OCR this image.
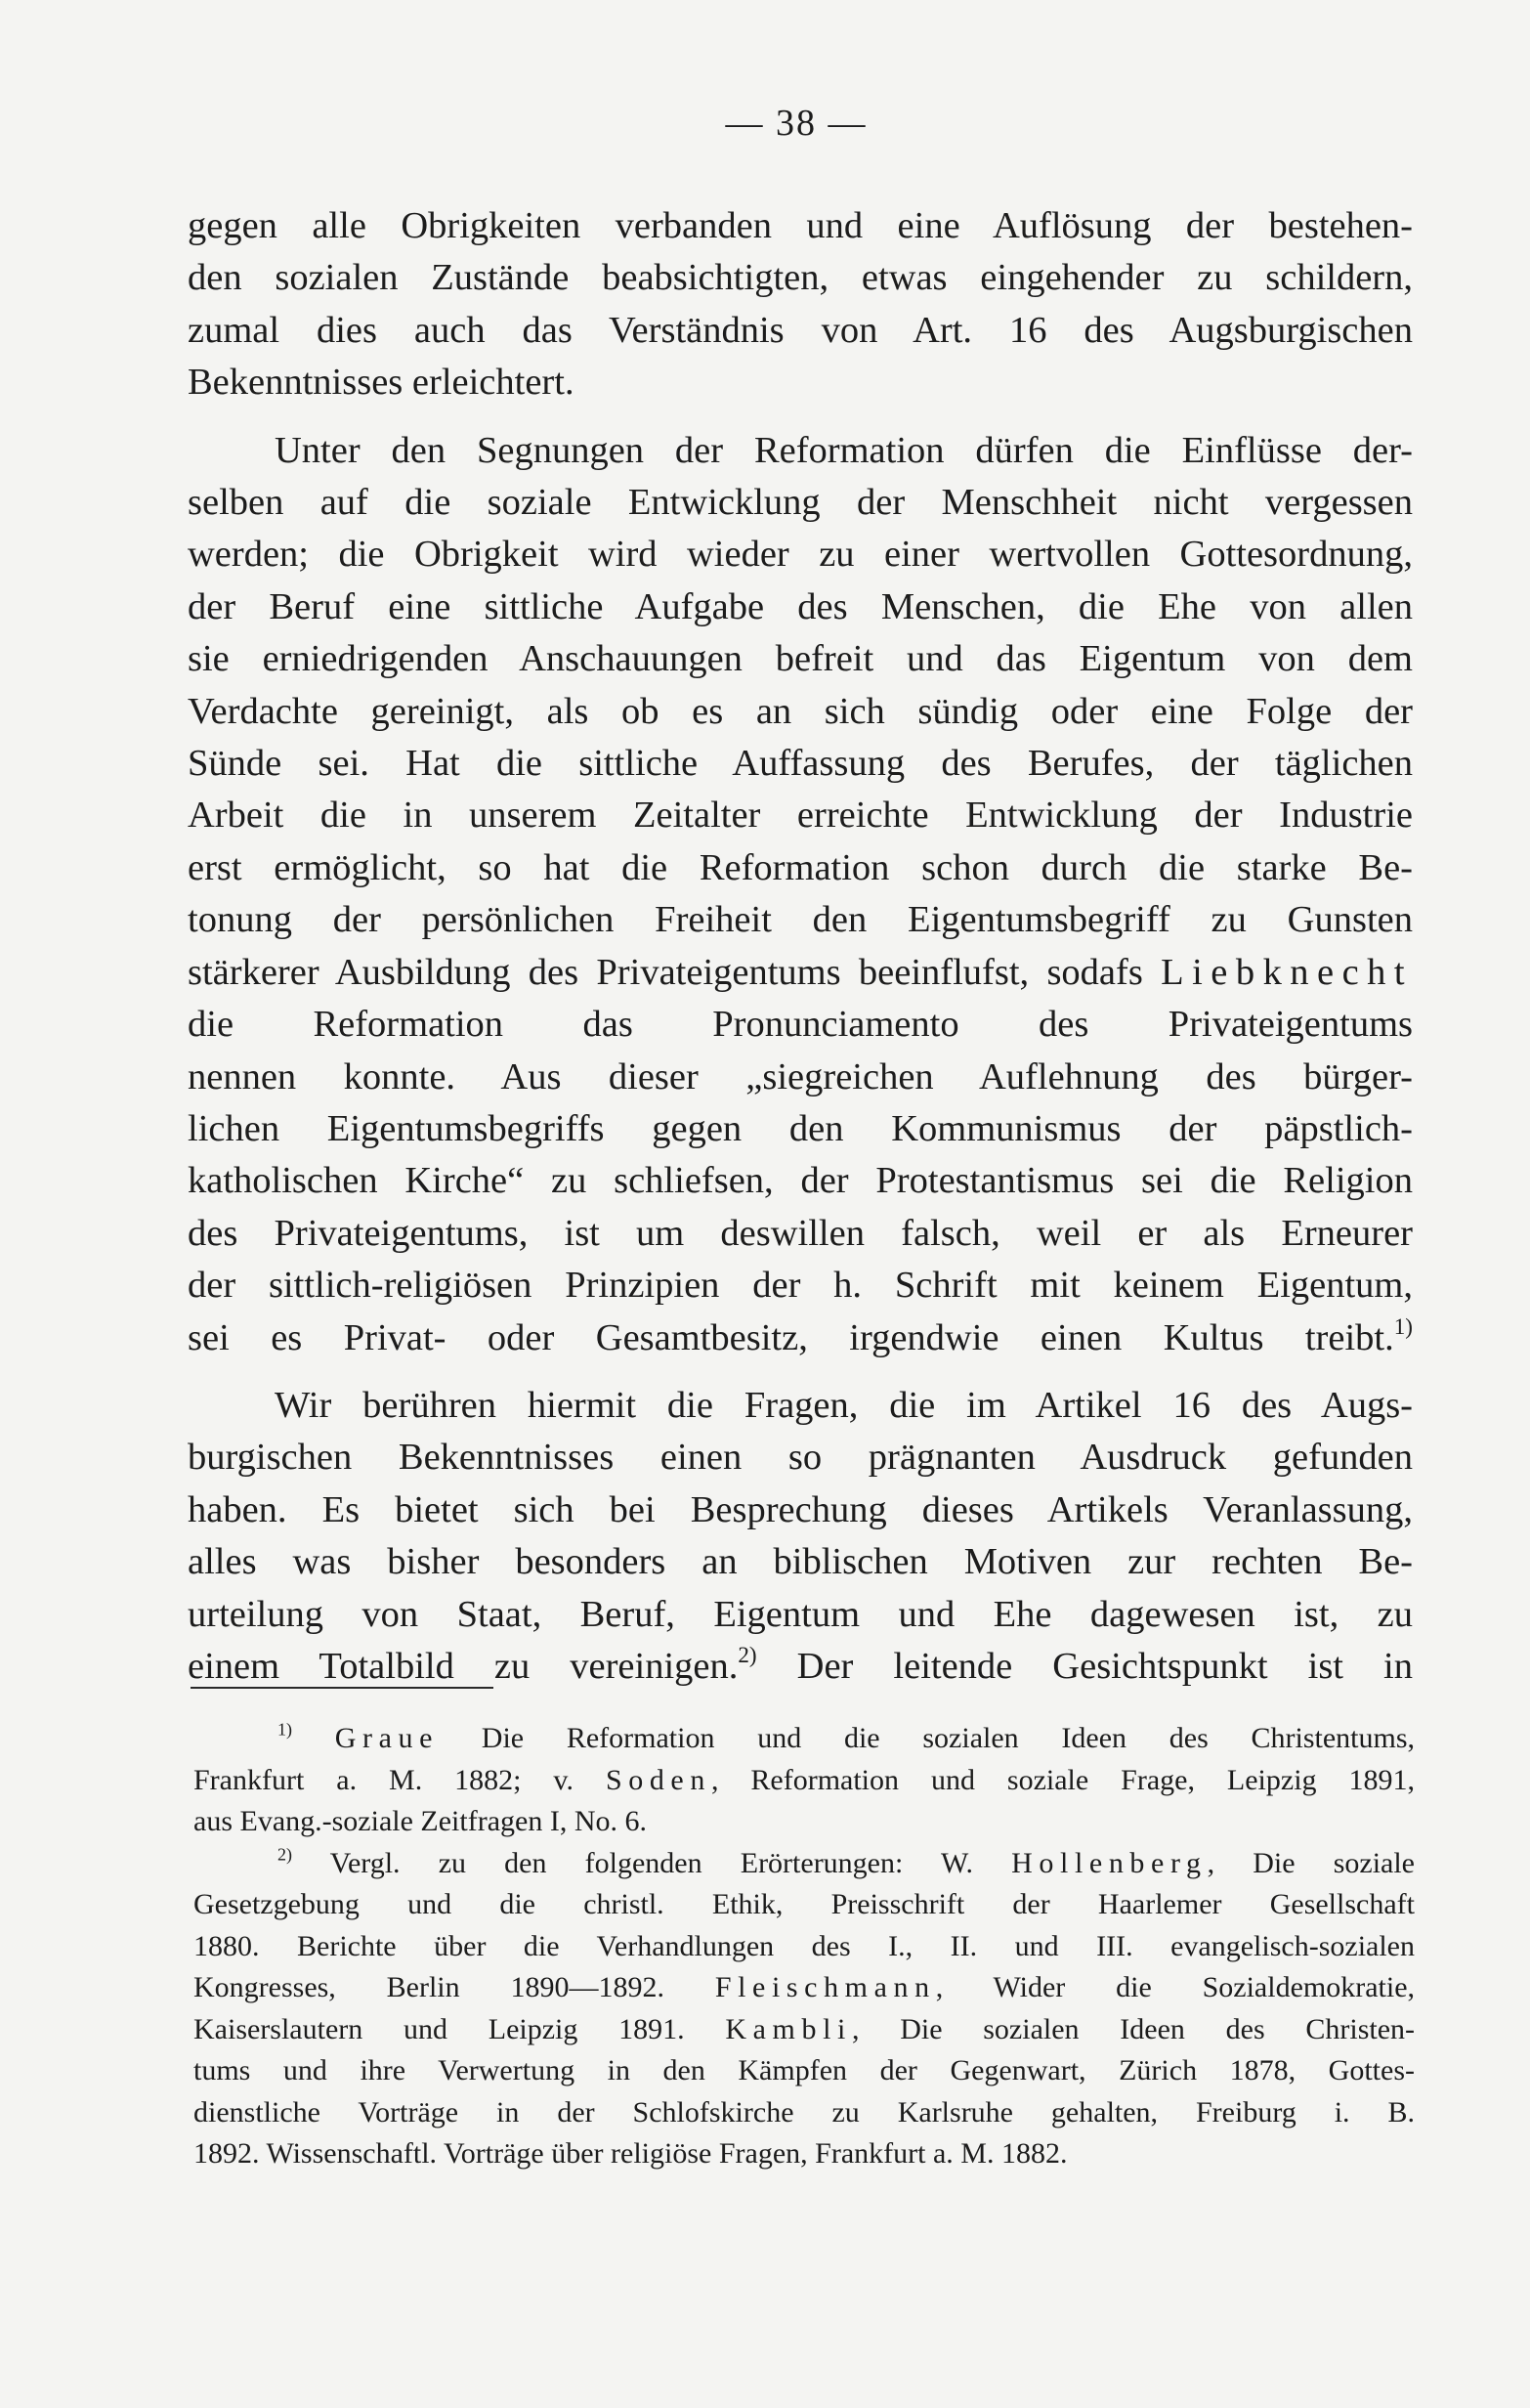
— 38 —

gegen alle Obrigkeiten verbanden und eine Auflösung der bestehen-

den sozialen Zustände beabsichtigten, etwas eingehender zu schildern,

zumal dies auch das Verständnis von Art. 16 des Augsburgischen

Bekenntnisses erleichtert.

Unter den Segnungen der Reformation dürfen die Einflüsse der-

selben auf die soziale Entwicklung der Menschheit nicht vergessen

werden; die Obrigkeit wird wieder zu einer wertvollen Gottesordnung,

der Beruf eine sittliche Aufgabe des Menschen, die Ehe von allen

sie erniedrigenden Anschauungen befreit und das Eigentum von dem

Verdachte gereinigt, als ob es an sich sündig oder eine Folge der

Sünde sei. Hat die sittliche Auffassung des Berufes, der täglichen

Arbeit die in unserem Zeitalter erreichte Entwicklung der Industrie

erst ermöglicht, so hat die Reformation schon durch die starke Be-

tonung der persönlichen Freiheit den Eigentumsbegriff zu Gunsten

stärkerer Ausbildung des Privateigentums beeinflufst, sodafs Liebknecht

die Reformation das Pronunciamento des Privateigentums

nennen konnte. Aus dieser „siegreichen Auflehnung des bürger-

lichen Eigentumsbegriffs gegen den Kommunismus der päpstlich-

katholischen Kirche“ zu schliefsen, der Protestantismus sei die Religion

des Privateigentums, ist um deswillen falsch, weil er als Erneurer

der sittlich-religiösen Prinzipien der h. Schrift mit keinem Eigentum,

sei es Privat- oder Gesamtbesitz, irgendwie einen Kultus treibt.$^{1)}$

Wir berühren hiermit die Fragen, die im Artikel 16 des Augs-

burgischen Bekenntnisses einen so prägnanten Ausdruck gefunden

haben. Es bietet sich bei Besprechung dieses Artikels Veranlassung,

alles was bisher besonders an biblischen Motiven zur rechten Be-

urteilung von Staat, Beruf, Eigentum und Ehe dagewesen ist, zu

einem Totalbild zu vereinigen.$^{2)}$ Der leitende Gesichtspunkt ist in

$^{1)}$ Graue Die Reformation und die sozialen Ideen des Christentums,

Frankfurt a. M. 1882; v. Soden, Reformation und soziale Frage, Leipzig 1891,

aus Evang.-soziale Zeitfragen I, No. 6.

$^{2)}$ Vergl. zu den folgenden Erörterungen: W. Hollenberg, Die soziale

Gesetzgebung und die christl. Ethik, Preisschrift der Haarlemer Gesellschaft

1880. Berichte über die Verhandlungen des I., II. und III. evangelisch-sozialen

Kongresses, Berlin 1890—1892. Fleischmann, Wider die Sozialdemokratie,

Kaiserslautern und Leipzig 1891. Kambli, Die sozialen Ideen des Christen-

tums und ihre Verwertung in den Kämpfen der Gegenwart, Zürich 1878, Gottes-

dienstliche Vorträge in der Schlofskirche zu Karlsruhe gehalten, Freiburg i. B.

1892. Wissenschaftl. Vorträge über religiöse Fragen, Frankfurt a. M. 1882.
